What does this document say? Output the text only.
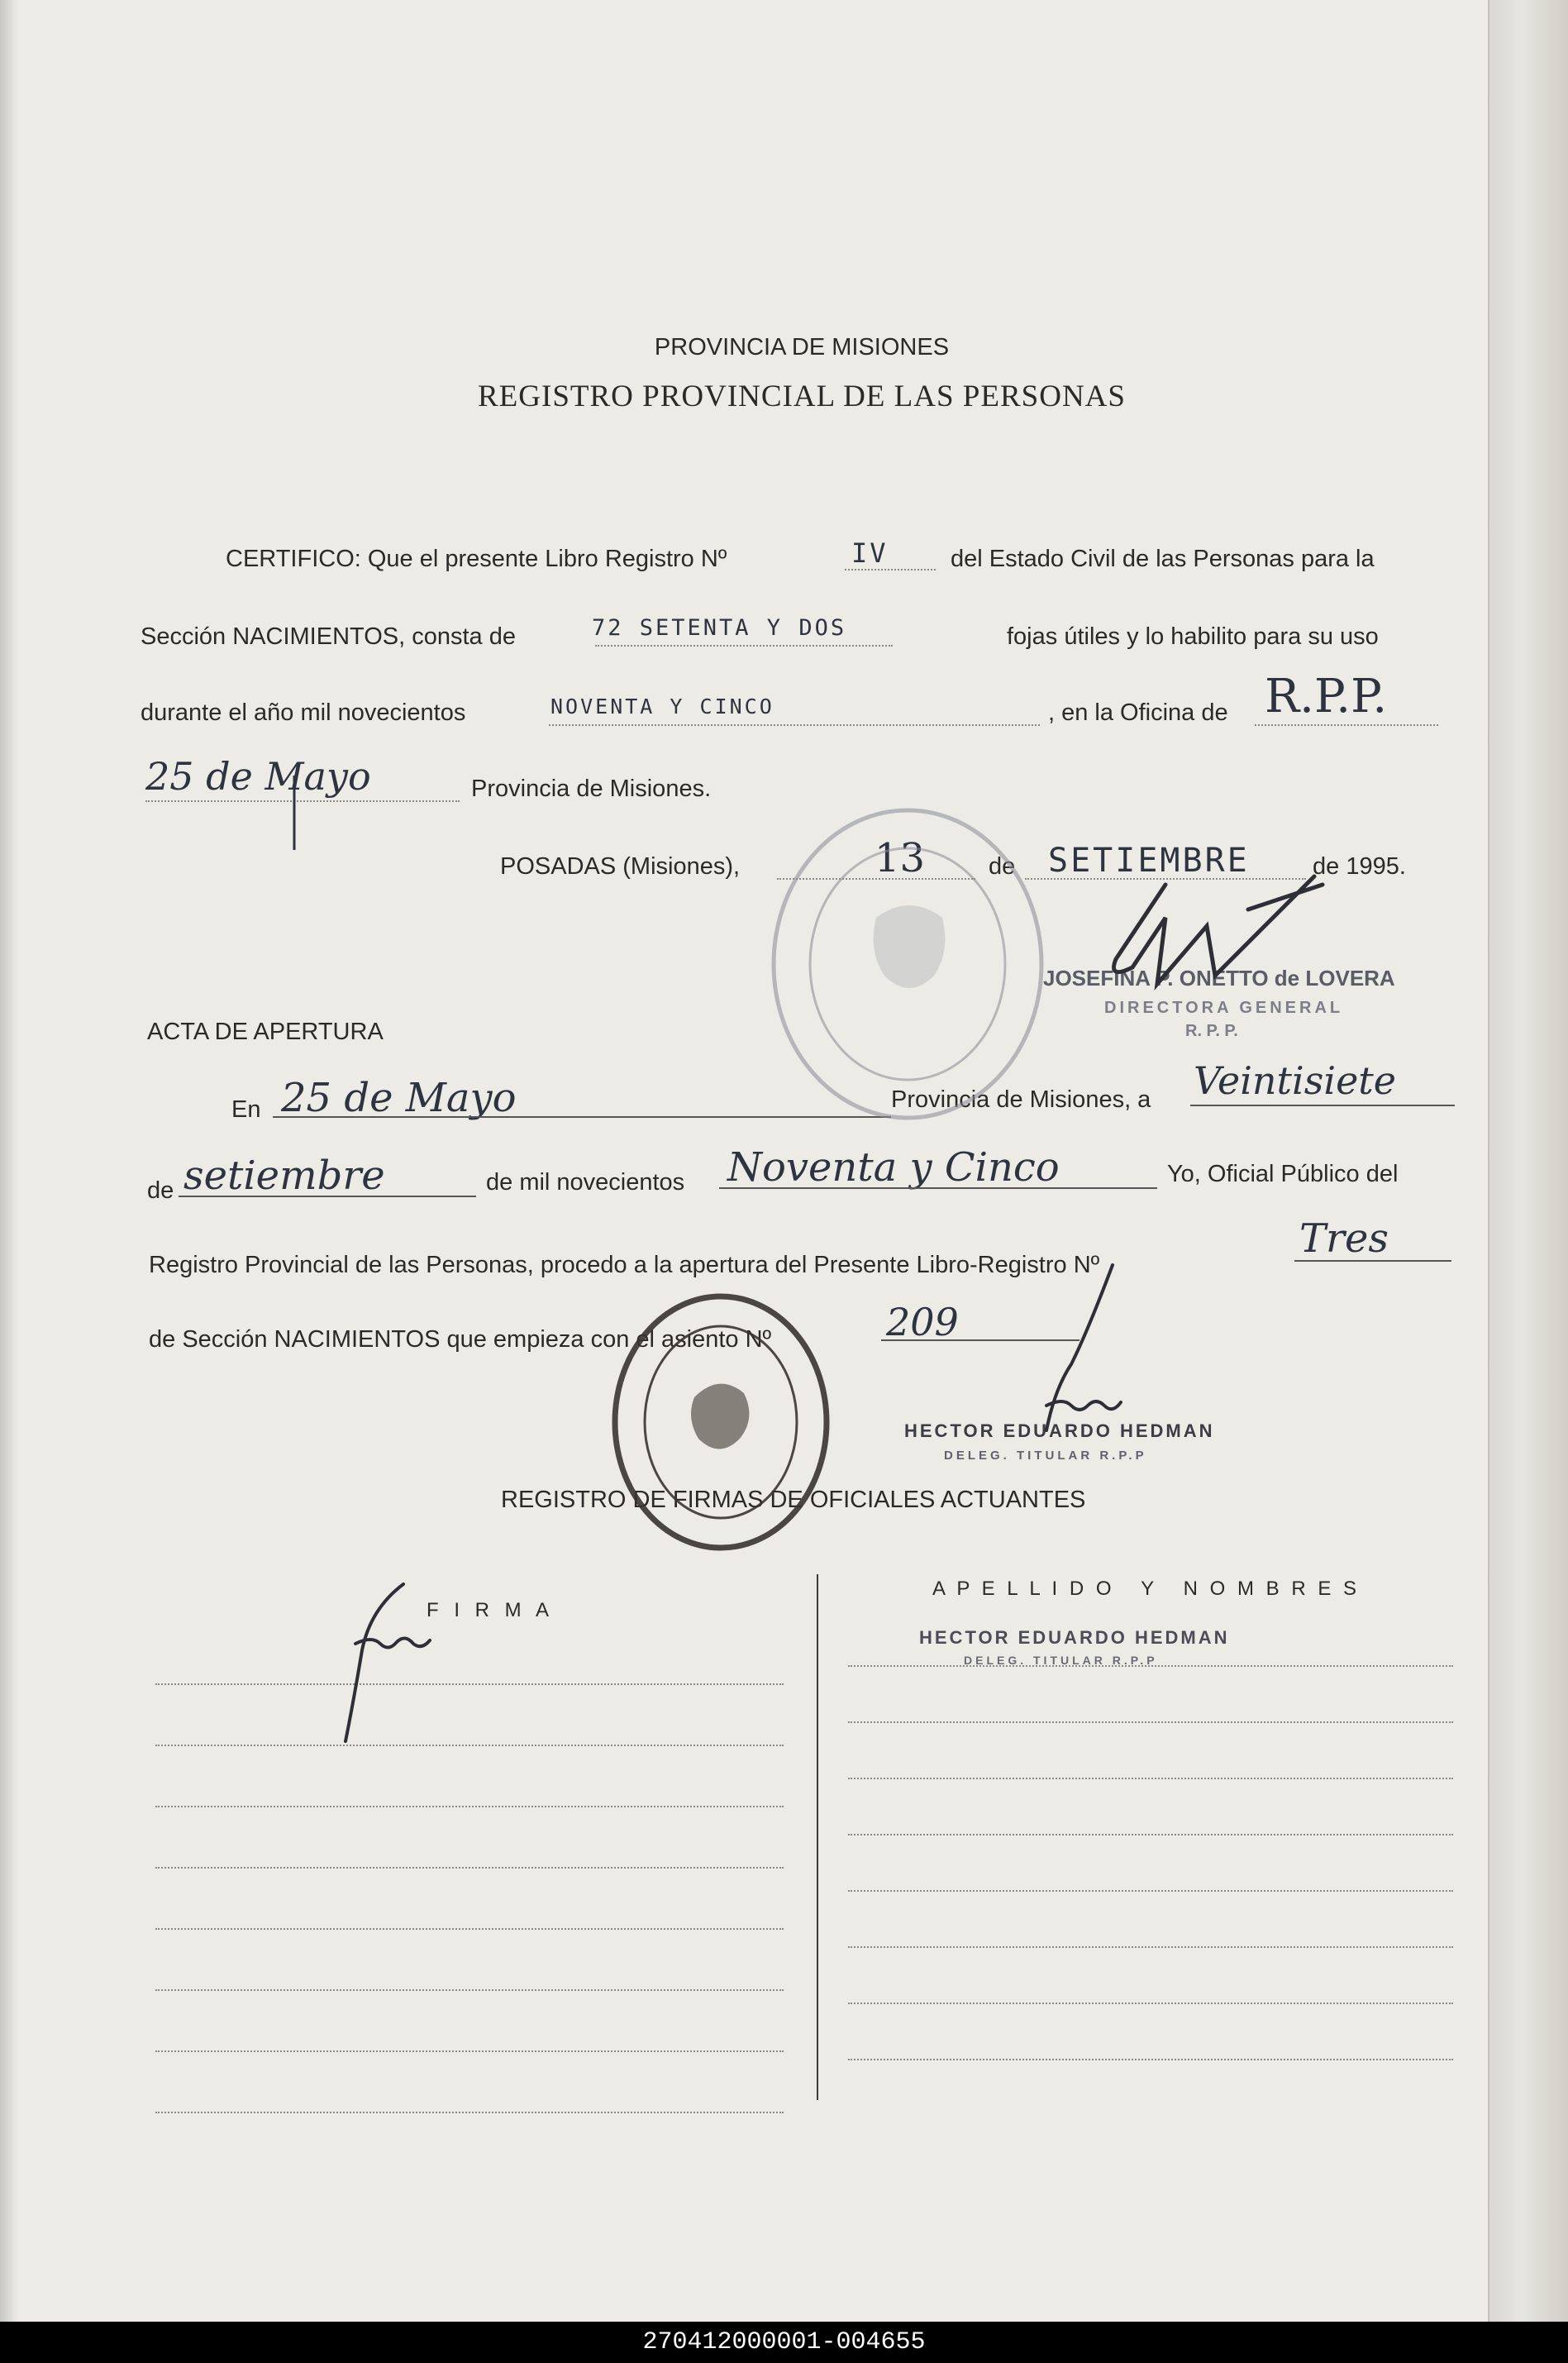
PROVINCIA DE MISIONES
REGISTRO PROVINCIAL DE LAS PERSONAS
CERTIFICO: Que el presente Libro Registro Nº	IV	del Estado Civil de las Personas para la
Sección NACIMIENTOS, consta de	72 SETENTA Y DOS	fojas útiles y lo habilito para su uso
durante el año mil novecientos	NOVENTA Y CINCO	, en la Oficina de R.P.P.
25 de Mayo	Provincia de Misiones.
POSADAS (Misiones),	13	de SETIEMBRE	de 1995.
JOSEFINA P. ONETTO de LOVERA
DIRECTORA GENERAL
R. P. P.
ACTA DE APERTURA
En 25 de Mayo	Provincia de Misiones, a Veintisiete
de setiembre	de mil novecientos Noventa y Cinco	Yo, Oficial Público del
Registro Provincial de las Personas, procedo a la apertura del Presente Libro-Registro Nº
Tres
de Sección NACIMIENTOS que empieza con el asiento Nº	209
HECTOR EDUARDO HEDMAN
DELEG. TITULAR R.P.P
REGISTRO DE FIRMAS DE OFICIALES ACTUANTES
F I R M A
A P E L L I D O   Y   N O M B R E S
HECTOR EDUARDO HEDMAN
DELEG. TITULAR R.P.P
270412000001-004655
